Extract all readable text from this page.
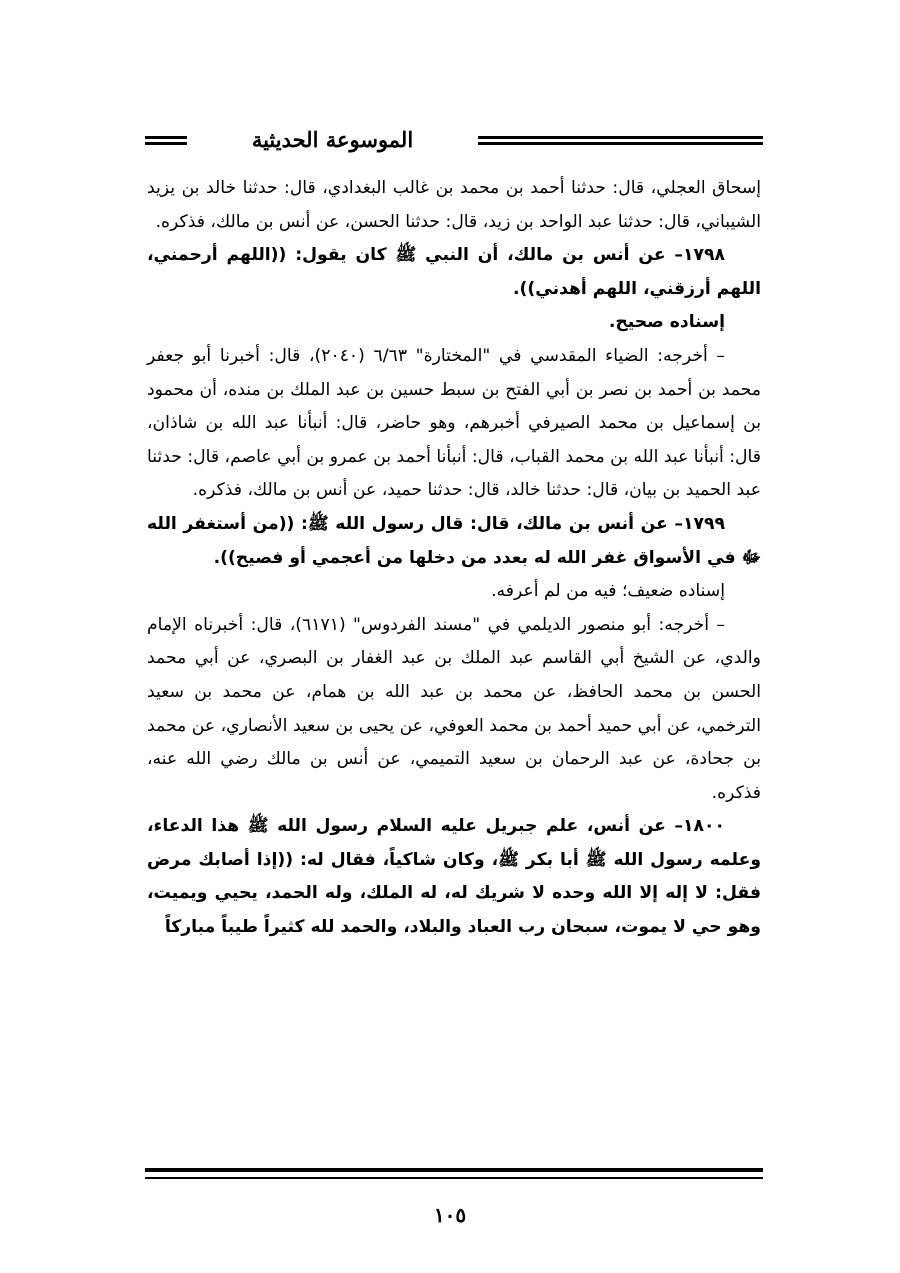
الموسوعة الحديثية

إسحاق العجلي، قال: حدثنا أحمد بن محمد بن غالب البغدادي، قال: حدثنا خالد بن يزيد الشيباني، قال: حدثنا عبد الواحد بن زيد، قال: حدثنا الحسن، عن أنس بن مالك، فذكره.

١٧٩٨– عن أنس بن مالك، أن النبي ﷺ كان يقول: ((اللهم أرحمني، اللهم أرزقني، اللهم أهدني)).

إسناده صحيح.

– أخرجه: الضياء المقدسي في "المختارة" ٦/٦٣ (٢٠٤٠)، قال: أخبرنا أبو جعفر محمد بن أحمد بن نصر بن أبي الفتح بن سبط حسين بن عبد الملك بن منده، أن محمود بن إسماعيل بن محمد الصيرفي أخبرهم، وهو حاضر، قال: أنبأنا عبد الله بن شاذان، قال: أنبأنا عبد الله بن محمد القباب، قال: أنبأنا أحمد بن عمرو بن أبي عاصم، قال: حدثنا عبد الحميد بن بيان، قال: حدثنا خالد، قال: حدثنا حميد، عن أنس بن مالك، فذكره.

١٧٩٩– عن أنس بن مالك، قال: قال رسول الله ﷺ: ((من أستغفر الله ﷻ في الأسواق غفر الله له بعدد من دخلها من أعجمي أو فصيح)).

إسناده ضعيف؛ فيه من لم أعرفه.

– أخرجه: أبو منصور الديلمي في "مسند الفردوس" (٦١٧١)، قال: أخبرناه الإمام والدي، عن الشيخ أبي القاسم عبد الملك بن عبد الغفار بن البصري، عن أبي محمد الحسن بن محمد الحافظ، عن محمد بن عبد الله بن همام، عن محمد بن سعيد الترخمي، عن أبي حميد أحمد بن محمد العوفي، عن يحيى بن سعيد الأنصاري، عن محمد بن جحادة، عن عبد الرحمان بن سعيد التميمي، عن أنس بن مالك رضي الله عنه، فذكره.

١٨٠٠– عن أنس، علم جبريل عليه السلام رسول الله ﷺ هذا الدعاء، وعلمه رسول الله ﷺ أبا بكر ﷺ، وكان شاكياً، فقال له: ((إذا أصابك مرض فقل: لا إله إلا الله وحده لا شريك له، له الملك، وله الحمد، يحيي ويميت، وهو حي لا يموت، سبحان رب العباد والبلاد، والحمد لله كثيراً طيباً مباركاً

١٠٥
